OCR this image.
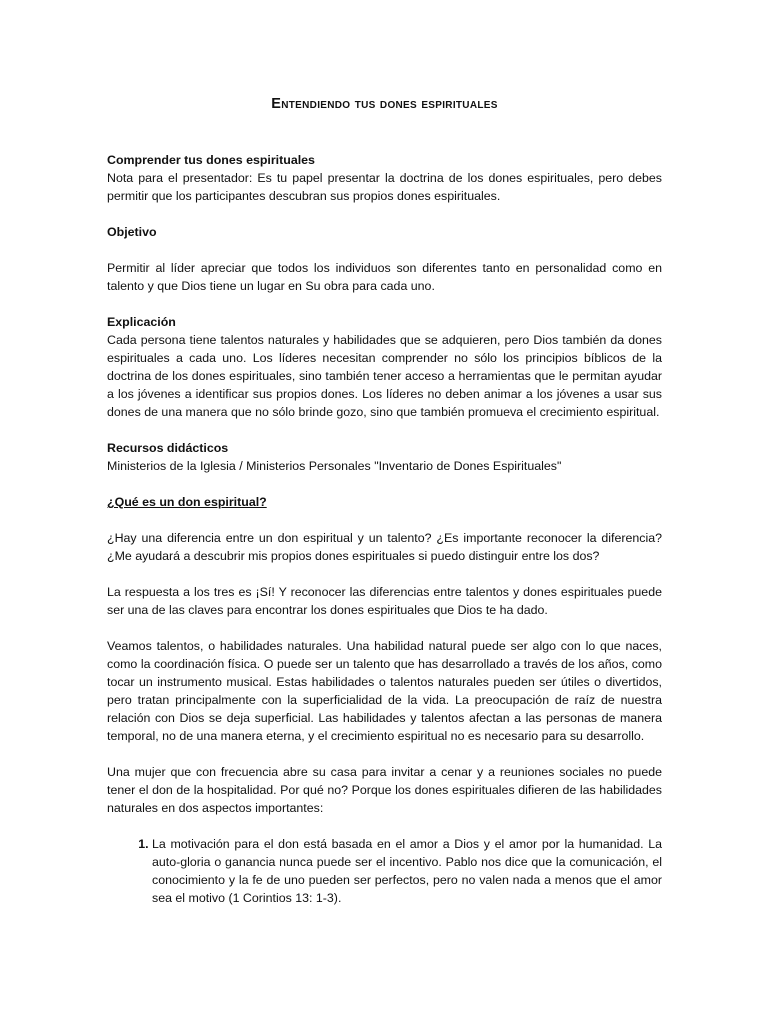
Entendiendo tus dones espirituales
Comprender tus dones espirituales

Nota para el presentador: Es tu papel presentar la doctrina de los dones espirituales, pero debes permitir que los participantes descubran sus propios dones espirituales.

Objetivo

Permitir al líder apreciar que todos los individuos son diferentes tanto en personalidad como en talento y que Dios tiene un lugar en Su obra para cada uno.

Explicación

Cada persona tiene talentos naturales y habilidades que se adquieren, pero Dios también da dones espirituales a cada uno. Los líderes necesitan comprender no sólo los principios bíblicos de la doctrina de los dones espirituales, sino también tener acceso a herramientas que le permitan ayudar a los jóvenes a identificar sus propios dones. Los líderes no deben animar a los jóvenes a usar sus dones de una manera que no sólo brinde gozo, sino que también promueva el crecimiento espiritual.

Recursos didácticos

Ministerios de la Iglesia / Ministerios Personales "Inventario de Dones Espirituales"

¿Qué es un don espiritual?

¿Hay una diferencia entre un don espiritual y un talento? ¿Es importante reconocer la diferencia? ¿Me ayudará a descubrir mis propios dones espirituales si puedo distinguir entre los dos?

La respuesta a los tres es ¡Sí! Y reconocer las diferencias entre talentos y dones espirituales puede ser una de las claves para encontrar los dones espirituales que Dios te ha dado.

Veamos talentos, o habilidades naturales. Una habilidad natural puede ser algo con lo que naces, como la coordinación física. O puede ser un talento que has desarrollado a través de los años, como tocar un instrumento musical. Estas habilidades o talentos naturales pueden ser útiles o divertidos, pero tratan principalmente con la superficialidad de la vida. La preocupación de raíz de nuestra relación con Dios se deja superficial. Las habilidades y talentos afectan a las personas de manera temporal, no de una manera eterna, y el crecimiento espiritual no es necesario para su desarrollo.

Una mujer que con frecuencia abre su casa para invitar a cenar y a reuniones sociales no puede tener el don de la hospitalidad. Por qué no? Porque los dones espirituales difieren de las habilidades naturales en dos aspectos importantes:

1. La motivación para el don está basada en el amor a Dios y el amor por la humanidad. La auto-gloria o ganancia nunca puede ser el incentivo. Pablo nos dice que la comunicación, el conocimiento y la fe de uno pueden ser perfectos, pero no valen nada a menos que el amor sea el motivo (1 Corintios 13: 1-3).
